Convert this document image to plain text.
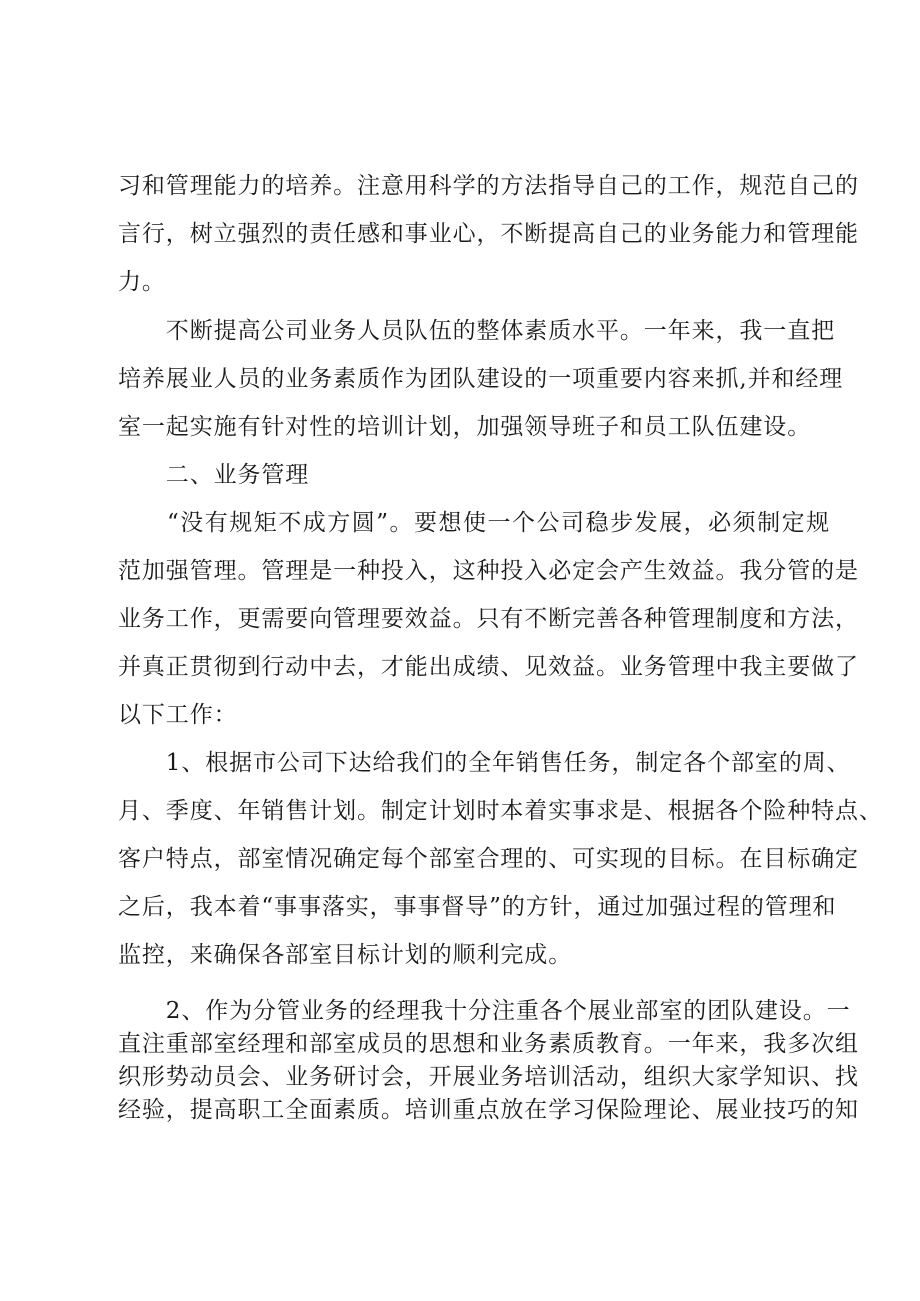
习和管理能力的培养。注意用科学的方法指导自己的工作，规范自己的
言行，树立强烈的责任感和事业心，不断提高自己的业务能力和管理能
力。
　　不断提高公司业务人员队伍的整体素质水平。一年来，我一直把
培养展业人员的业务素质作为团队建设的一项重要内容来抓,并和经理
室一起实施有针对性的培训计划，加强领导班子和员工队伍建设。
　　二、业务管理
　　“没有规矩不成方圆”。要想使一个公司稳步发展，必须制定规
范加强管理。管理是一种投入，这种投入必定会产生效益。我分管的是
业务工作，更需要向管理要效益。只有不断完善各种管理制度和方法，
并真正贯彻到行动中去，才能出成绩、见效益。业务管理中我主要做了
以下工作：
　　1、根据市公司下达给我们的全年销售任务，制定各个部室的周、
月、季度、年销售计划。制定计划时本着实事求是、根据各个险种特点、
客户特点，部室情况确定每个部室合理的、可实现的目标。在目标确定
之后，我本着“事事落实，事事督导”的方针，通过加强过程的管理和
监控，来确保各部室目标计划的顺利完成。
　　2、作为分管业务的经理我十分注重各个展业部室的团队建设。一
直注重部室经理和部室成员的思想和业务素质教育。一年来，我多次组
织形势动员会、业务研讨会，开展业务培训活动，组织大家学知识、找
经验，提高职工全面素质。培训重点放在学习保险理论、展业技巧的知
